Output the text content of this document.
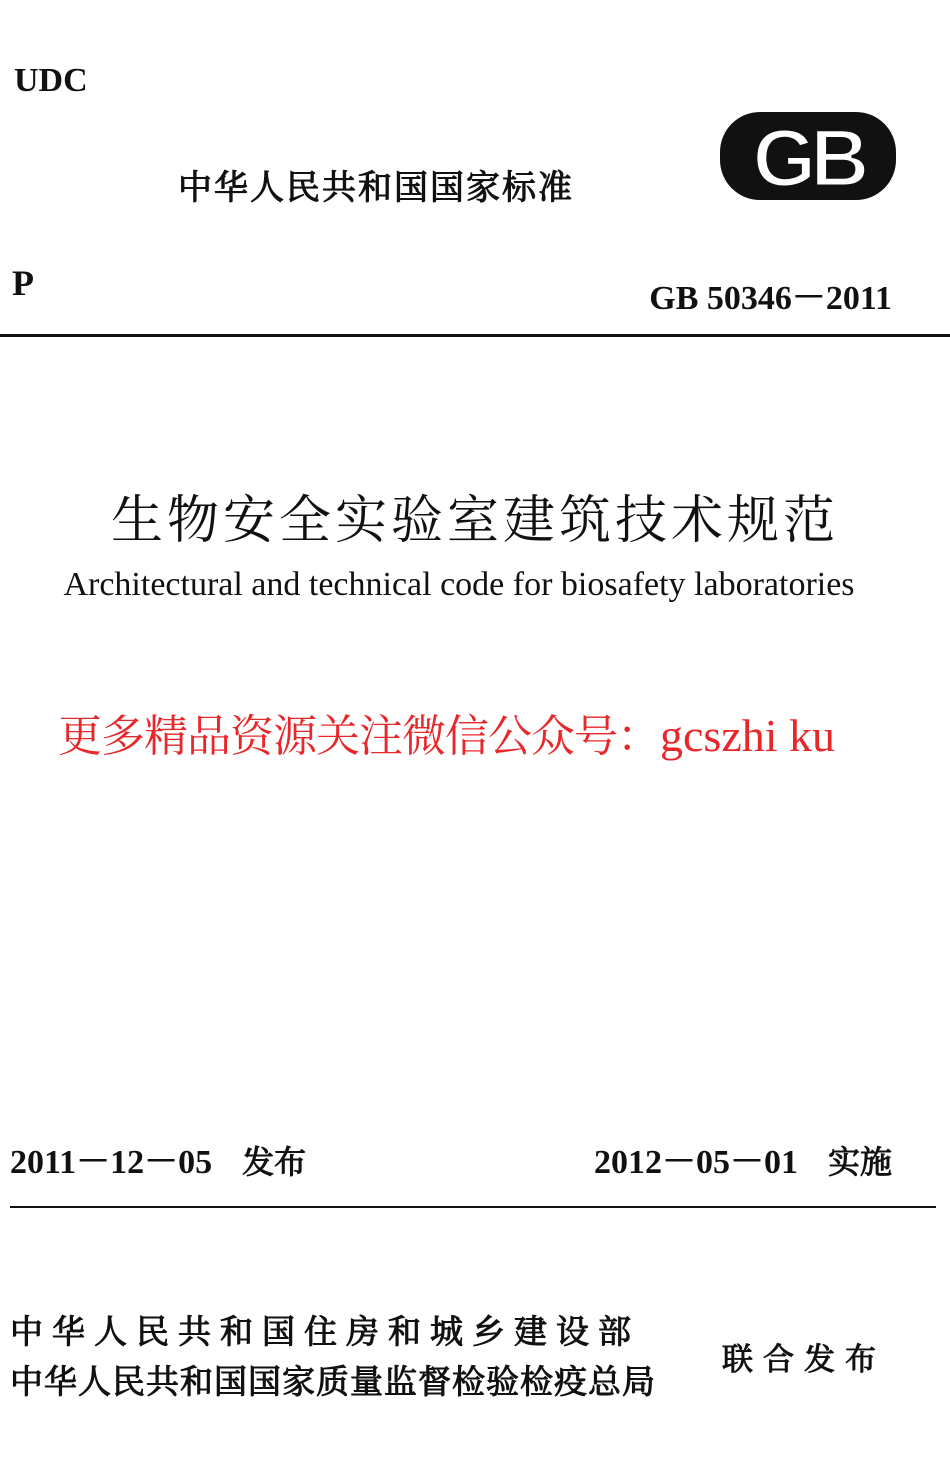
UDC
中华人民共和国国家标准 GB
P	GB 50346－2011
生物安全实验室建筑技术规范
Architectural and technical code for biosafety laboratories
更多精品资源关注微信公众号：gcszhi ku
2011－12－05 发布	2012－05－01 实施
中华人民共和国住房和城乡建设部
中华人民共和国国家质量监督检验检疫总局
联合发布
